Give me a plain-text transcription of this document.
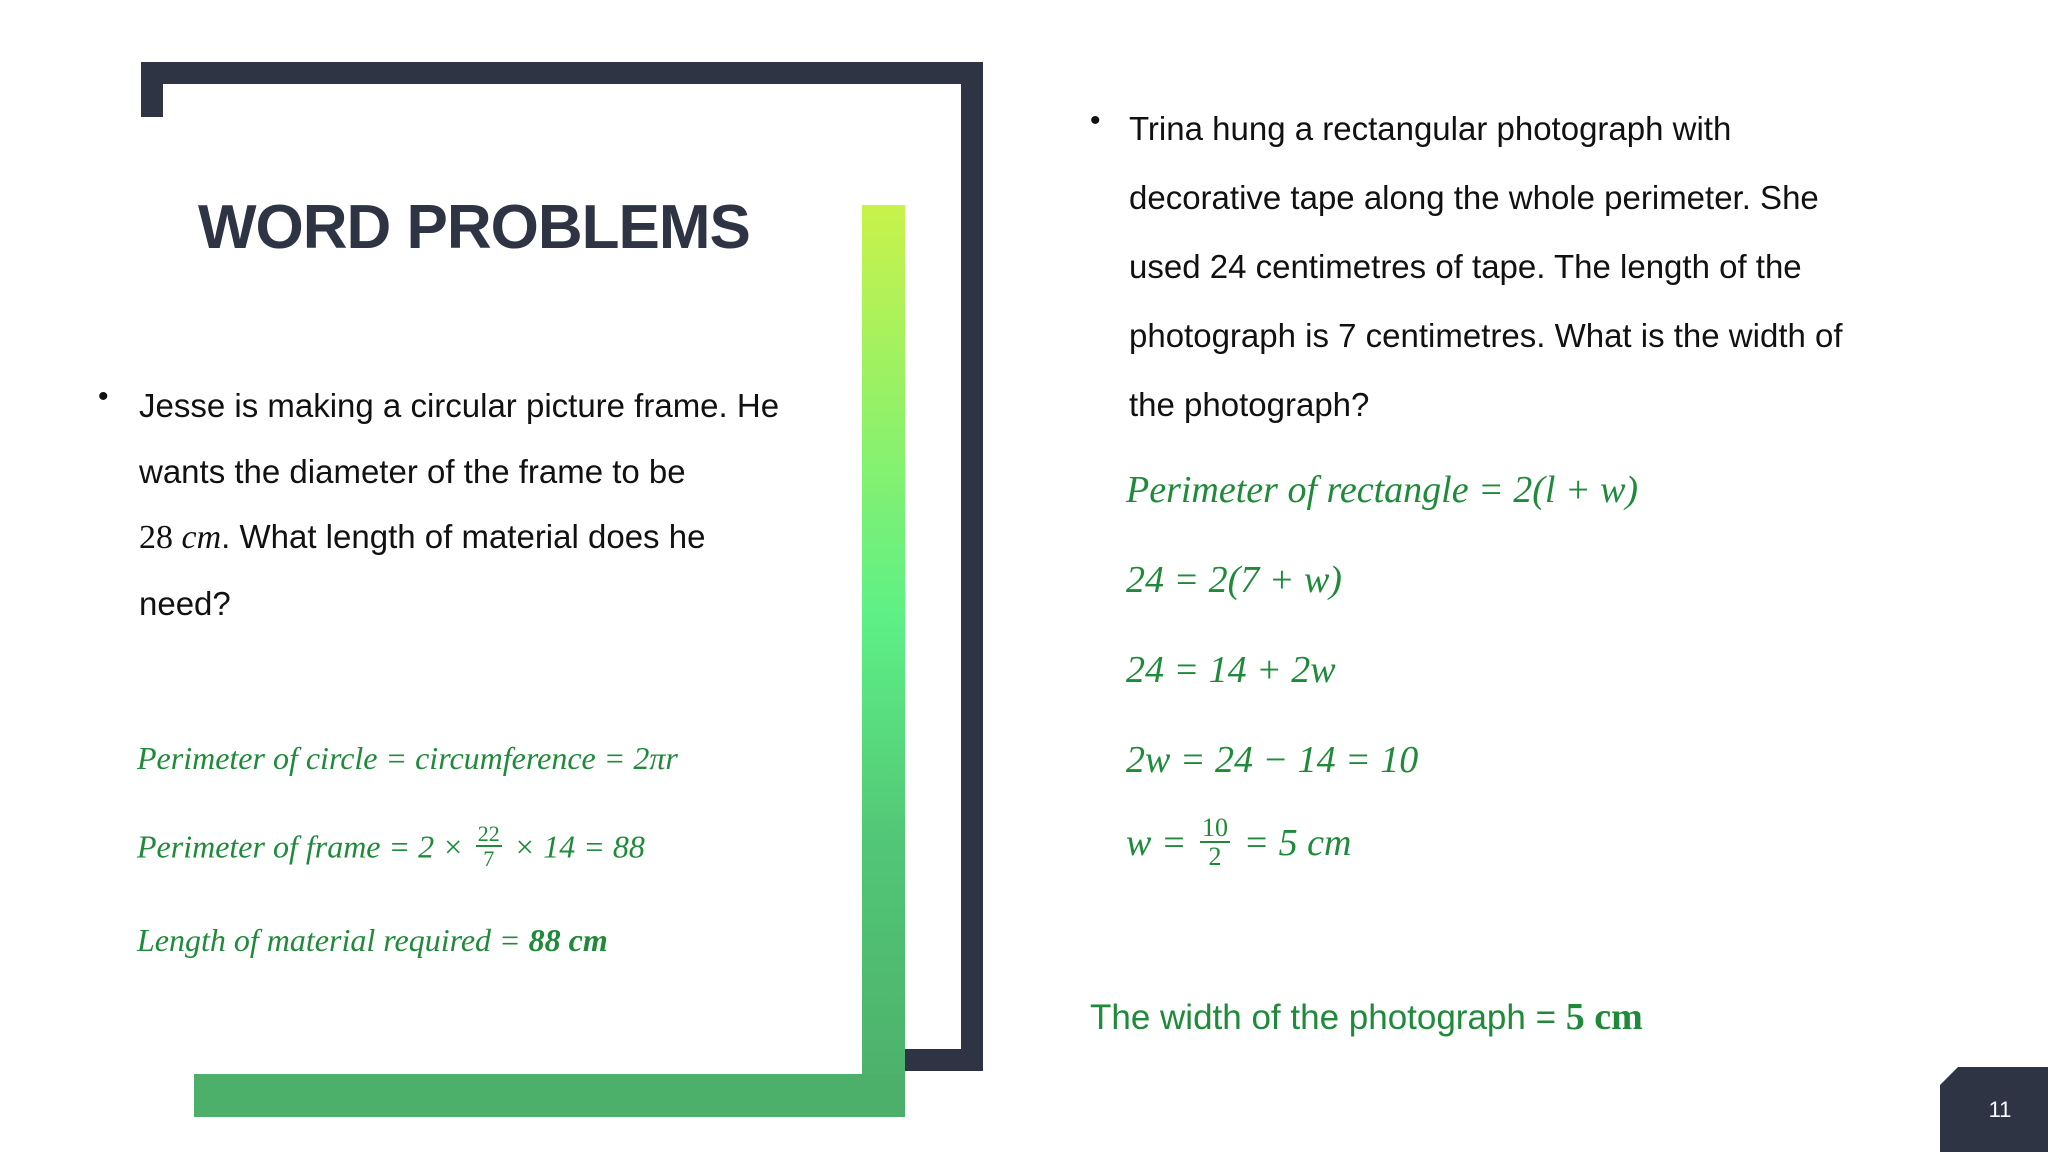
WORD PROBLEMS
• Jesse is making a circular picture frame. He
wants the diameter of the frame to be
28 cm. What length of material does he
need?
Perimeter of circle = circumference = 2πr
Perimeter of frame = $2 \times \frac{22}{7} \times 14 = 88$
Length of material required = 88 cm
• Trina hung a rectangular photograph with
decorative tape along the whole perimeter. She
used 24 centimetres of tape. The length of the
photograph is 7 centimetres. What is the width of
the photograph?
Perimeter of rectangle = 2(l + w)
24 = 2(7 + w)
24 = 14 + 2w
2w = 24 − 14 = 10
$w = \frac{10}{2} = 5$ cm
The width of the photograph = 5 cm
11
